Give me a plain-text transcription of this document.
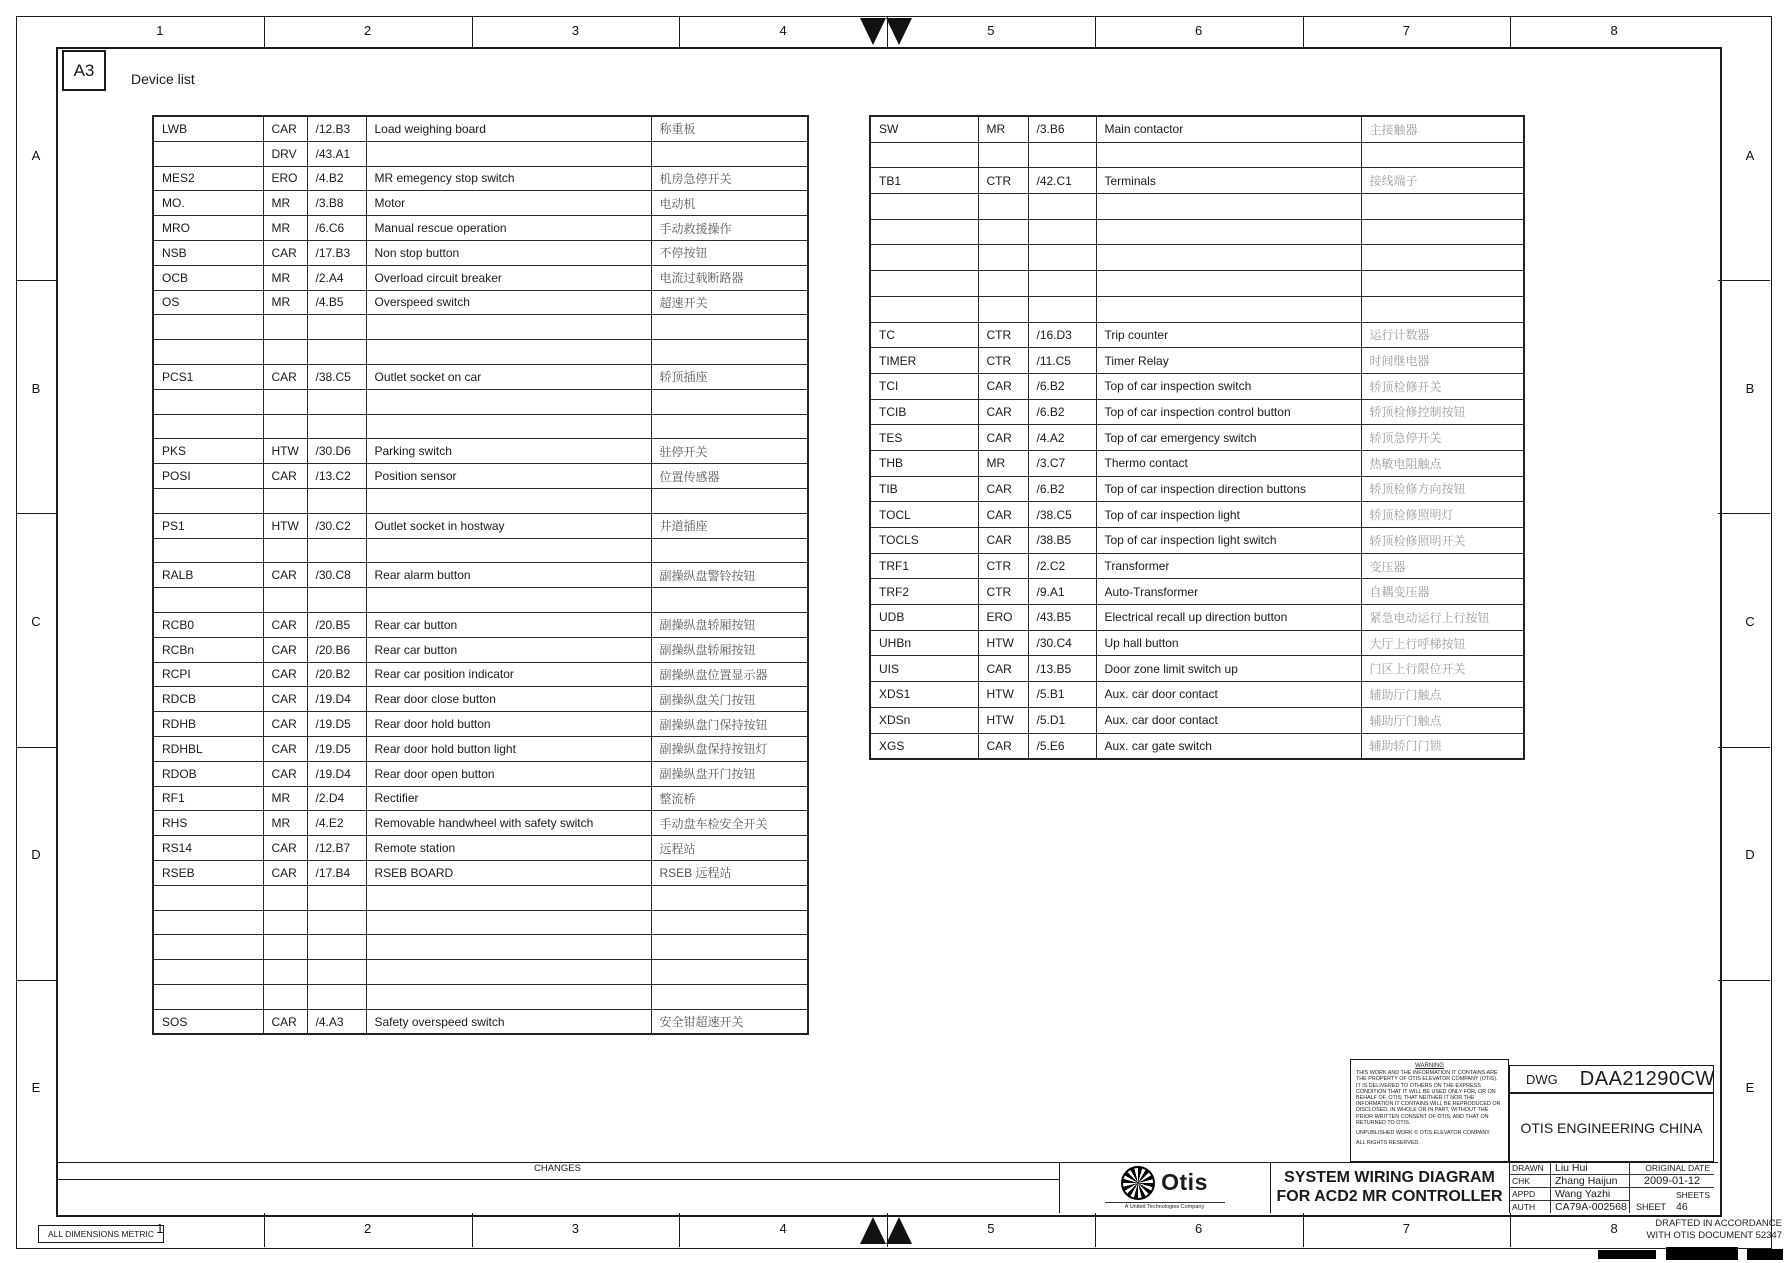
A3	Device list
LWB	CAR	/12.B3	Load weighing board	称重板
	DRV	/43.A1		
MES2	ERO	/4.B2	MR emegency stop switch	机房急停开关
MO.	MR	/3.B8	Motor	电动机
MRO	MR	/6.C6	Manual rescue operation	手动救援操作
NSB	CAR	/17.B3	Non stop button	不停按钮
OCB	MR	/2.A4	Overload circuit breaker	电流过载断路器
OS	MR	/4.B5	Overspeed switch	超速开关

PCS1	CAR	/38.C5	Outlet socket on car	轿顶插座

PKS	HTW	/30.D6	Parking switch	驻停开关
POSI	CAR	/13.C2	Position sensor	位置传感器

PS1	HTW	/30.C2	Outlet socket in hostway	井道插座

RALB	CAR	/30.C8	Rear alarm button	副操纵盘警铃按钮

RCB0	CAR	/20.B5	Rear car button	副操纵盘轿厢按钮
RCBn	CAR	/20.B6	Rear car button	副操纵盘轿厢按钮
RCPI	CAR	/20.B2	Rear car position indicator	副操纵盘位置显示器
RDCB	CAR	/19.D4	Rear door close button	副操纵盘关门按钮
RDHB	CAR	/19.D5	Rear door hold button	副操纵盘门保持按钮
RDHBL	CAR	/19.D5	Rear door hold button light	副操纵盘保持按钮灯
RDOB	CAR	/19.D4	Rear door open button	副操纵盘开门按钮
RF1	MR	/2.D4	Rectifier	整流桥
RHS	MR	/4.E2	Removable handwheel with safety switch	手动盘车检安全开关
RS14	CAR	/12.B7	Remote station	远程站
RSEB	CAR	/17.B4	RSEB BOARD	RSEB 远程站

SOS	CAR	/4.A3	Safety overspeed switch	安全钳超速开关
SW	MR	/3.B6	Main contactor	主接触器

TB1	CTR	/42.C1	Terminals	接线端子

TC	CTR	/16.D3	Trip counter	运行计数器
TIMER	CTR	/11.C5	Timer Relay	时间继电器
TCI	CAR	/6.B2	Top of car inspection switch	轿顶检修开关
TCIB	CAR	/6.B2	Top of car inspection control button	轿顶检修控制按钮
TES	CAR	/4.A2	Top of car emergency switch	轿顶急停开关
THB	MR	/3.C7	Thermo contact	热敏电阻触点
TIB	CAR	/6.B2	Top of car inspection direction buttons	轿顶检修方向按钮
TOCL	CAR	/38.C5	Top of car inspection light	轿顶检修照明灯
TOCLS	CAR	/38.B5	Top of car inspection light switch	轿顶检修照明开关
TRF1	CTR	/2.C2	Transformer	变压器
TRF2	CTR	/9.A1	Auto-Transformer	自耦变压器
UDB	ERO	/43.B5	Electrical recall up direction button	紧急电动运行上行按钮
UHBn	HTW	/30.C4	Up hall button	大厅上行呼梯按钮
UIS	CAR	/13.B5	Door zone limit switch up	门区上行限位开关
XDS1	HTW	/5.B1	Aux. car door contact	辅助厅门触点
XDSn	HTW	/5.D1	Aux. car door contact	辅助厅门触点
XGS	CAR	/5.E6	Aux. car gate switch	辅助轿门门锁
CHANGES
Otis
A United Technologies Company
SYSTEM WIRING DIAGRAM
FOR ACD2 MR CONTROLLER
WARNING
THIS WORK AND THE INFORMATION IT CONTAINS ARE THE PROPERTY OF OTIS ELEVATOR COMPANY (OTIS). IT IS DELIVERED TO OTHERS ON THE EXPRESS CONDITION THAT IT WILL BE USED ONLY FOR, OR ON BEHALF OF, OTIS; THAT NEITHER IT NOR THE INFORMATION IT CONTAINS WILL BE REPRODUCED OR DISCLOSED, IN WHOLE OR IN PART, WITHOUT THE PRIOR WRITTEN CONSENT OF OTIS; AND THAT ON
RETURNED TO OTIS.
UNPUBLISHED WORK © OTIS ELEVATOR COMPANY
ALL RIGHTS RESERVED.
DWG DAA21290CW
OTIS ENGINEERING CHINA
DRAWN	Liu Hui	ORIGINAL DATE
CHK	Zhang Haijun	2009-01-12
APPD	Wang Yazhi	SHEETS
AUTH	CA79A-002568	SHEET 46
ALL DIMENSIONS METRIC
DRAFTED IN ACCORDANCE
WITH OTIS DOCUMENT 52347
1
1
2
2
3
3
4
4
5
5
6
6
7
7
8
8
A	A
B	B
C	C
D	D
E	E
